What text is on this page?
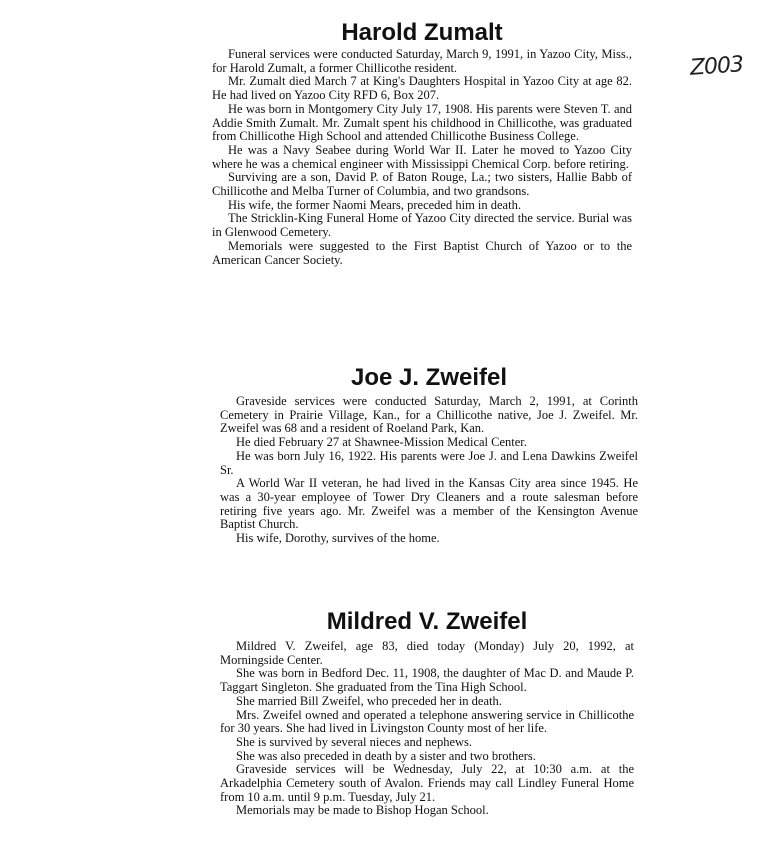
Z003
Harold Zumalt

Funeral services were conducted Saturday, March 9, 1991, in Yazoo City, Miss., for Harold Zumalt, a former Chillicothe resident.

Mr. Zumalt died March 7 at King's Daughters Hospital in Yazoo City at age 82. He had lived on Yazoo City RFD 6, Box 207.

He was born in Montgomery City July 17, 1908. His parents were Steven T. and Addie Smith Zumalt. Mr. Zumalt spent his childhood in Chillicothe, was graduated from Chillicothe High School and attended Chillicothe Business College.

He was a Navy Seabee during World War II. Later he moved to Yazoo City where he was a chemical engineer with Mississippi Chemical Corp. before retiring.

Surviving are a son, David P. of Baton Rouge, La.; two sisters, Hallie Babb of Chillicothe and Melba Turner of Columbia, and two grandsons.

His wife, the former Naomi Mears, preceded him in death.

The Stricklin-King Funeral Home of Yazoo City directed the service. Burial was in Glenwood Cemetery.

Memorials were suggested to the First Baptist Church of Yazoo or to the American Cancer Society.

Joe J. Zweifel

Graveside services were conducted Saturday, March 2, 1991, at Corinth Cemetery in Prairie Village, Kan., for a Chillicothe native, Joe J. Zweifel. Mr. Zweifel was 68 and a resident of Roeland Park, Kan.

He died February 27 at Shawnee-Mission Medical Center.

He was born July 16, 1922. His parents were Joe J. and Lena Dawkins Zweifel Sr.

A World War II veteran, he had lived in the Kansas City area since 1945. He was a 30-year employee of Tower Dry Cleaners and a route salesman before retiring five years ago. Mr. Zweifel was a member of the Kensington Avenue Baptist Church.

His wife, Dorothy, survives of the home.

Mildred V. Zweifel

Mildred V. Zweifel, age 83, died today (Monday) July 20, 1992, at Morningside Center.

She was born in Bedford Dec. 11, 1908, the daughter of Mac D. and Maude P. Taggart Singleton. She graduated from the Tina High School.

She married Bill Zweifel, who preceded her in death.

Mrs. Zweifel owned and operated a telephone answering service in Chillicothe for 30 years. She had lived in Livingston County most of her life.

She is survived by several nieces and nephews.

She was also preceded in death by a sister and two brothers.

Graveside services will be Wednesday, July 22, at 10:30 a.m. at the Arkadelphia Cemetery south of Avalon. Friends may call Lindley Funeral Home from 10 a.m. until 9 p.m. Tuesday, July 21.

Memorials may be made to Bishop Hogan School.
